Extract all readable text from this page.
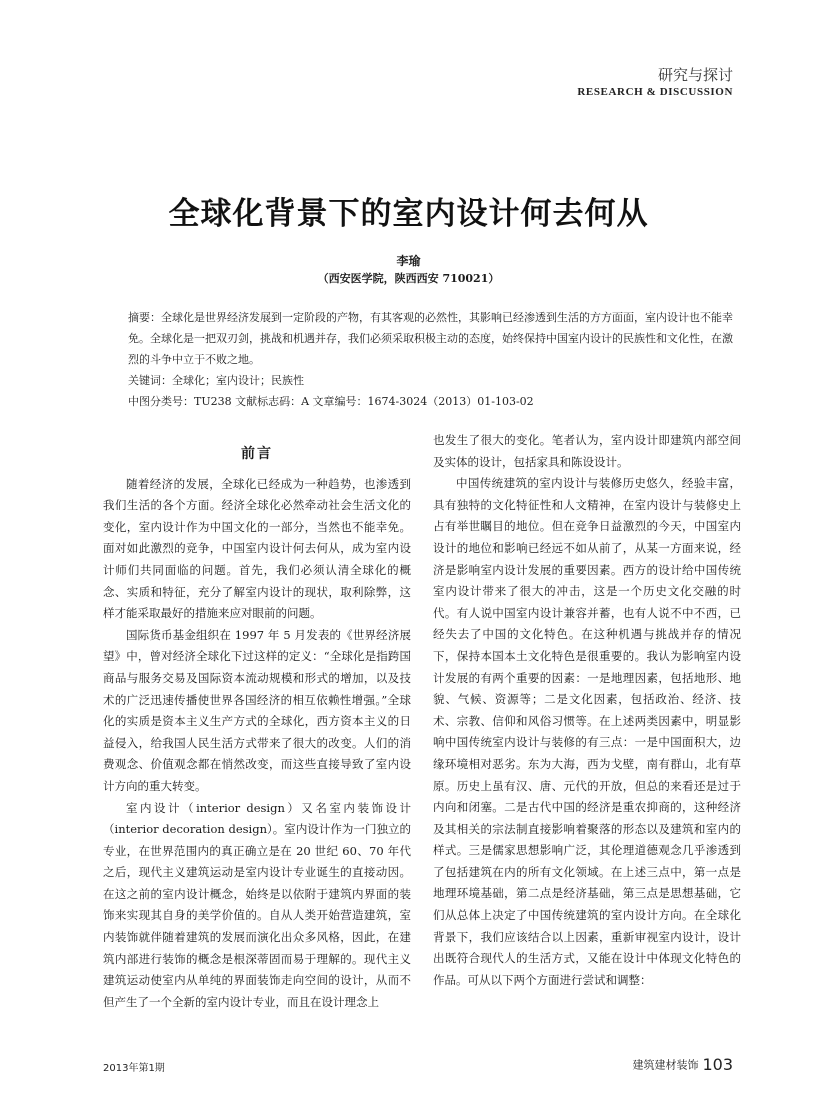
研究与探讨
RESEARCH & DISCUSSION
全球化背景下的室内设计何去何从
李瑜
（西安医学院，陕西西安 710021）

摘要：全球化是世界经济发展到一定阶段的产物，有其客观的必然性，其影响已经渗透到生活的方方面面，室内设计也不能幸免。全球化是一把双刃剑，挑战和机遇并存，我们必须采取积极主动的态度，始终保持中国室内设计的民族性和文化性，在激烈的斗争中立于不败之地。

关键词：全球化；室内设计；民族性

中图分类号：TU238 文献标志码：A 文章编号：1674-3024（2013）01-103-02

前言

随着经济的发展，全球化已经成为一种趋势，也渗透到我们生活的各个方面。经济全球化必然牵动社会生活文化的变化，室内设计作为中国文化的一部分，当然也不能幸免。面对如此激烈的竞争，中国室内设计何去何从，成为室内设计师们共同面临的问题。首先，我们必须认清全球化的概念、实质和特征，充分了解室内设计的现状，取利除弊，这样才能采取最好的措施来应对眼前的问题。

国际货币基金组织在 1997 年 5 月发表的《世界经济展望》中，曾对经济全球化下过这样的定义：“全球化是指跨国商品与服务交易及国际资本流动规模和形式的增加，以及技术的广泛迅速传播使世界各国经济的相互依赖性增强。”全球化的实质是资本主义生产方式的全球化，西方资本主义的日益侵入，给我国人民生活方式带来了很大的改变。人们的消费观念、价值观念都在悄然改变，而这些直接导致了室内设计方向的重大转变。

室内设计（interior design）又名室内装饰设计（interior decoration design）。室内设计作为一门独立的专业，在世界范围内的真正确立是在 20 世纪 60、70 年代之后，现代主义建筑运动是室内设计专业诞生的直接动因。在这之前的室内设计概念，始终是以依附于建筑内界面的装饰来实现其自身的美学价值的。自从人类开始营造建筑，室内装饰就伴随着建筑的发展而演化出众多风格，因此，在建筑内部进行装饰的概念是根深蒂固而易于理解的。现代主义建筑运动使室内从单纯的界面装饰走向空间的设计，从而不但产生了一个全新的室内设计专业，而且在设计理念上

也发生了很大的变化。笔者认为，室内设计即建筑内部空间及实体的设计，包括家具和陈设设计。

中国传统建筑的室内设计与装修历史悠久，经验丰富，具有独特的文化特征性和人文精神，在室内设计与装修史上占有举世瞩目的地位。但在竞争日益激烈的今天，中国室内设计的地位和影响已经远不如从前了，从某一方面来说，经济是影响室内设计发展的重要因素。西方的设计给中国传统室内设计带来了很大的冲击，这是一个历史文化交融的时代。有人说中国室内设计兼容并蓄，也有人说不中不西，已经失去了中国的文化特色。在这种机遇与挑战并存的情况下，保持本国本土文化特色是很重要的。我认为影响室内设计发展的有两个重要的因素：一是地理因素，包括地形、地貌、气候、资源等；二是文化因素，包括政治、经济、技术、宗教、信仰和风俗习惯等。在上述两类因素中，明显影响中国传统室内设计与装修的有三点：一是中国面积大，边缘环境相对恶劣。东为大海，西为戈壁，南有群山，北有草原。历史上虽有汉、唐、元代的开放，但总的来看还是过于内向和闭塞。二是古代中国的经济是重农抑商的，这种经济及其相关的宗法制直接影响着聚落的形态以及建筑和室内的样式。三是儒家思想影响广泛，其伦理道德观念几乎渗透到了包括建筑在内的所有文化领域。在上述三点中，第一点是地理环境基础，第二点是经济基础，第三点是思想基础，它们从总体上决定了中国传统建筑的室内设计方向。在全球化背景下，我们应该结合以上因素，重新审视室内设计，设计出既符合现代人的生活方式，又能在设计中体现文化特色的作品。可从以下两个方面进行尝试和调整：

2013年第1期	建筑建材装饰 103
